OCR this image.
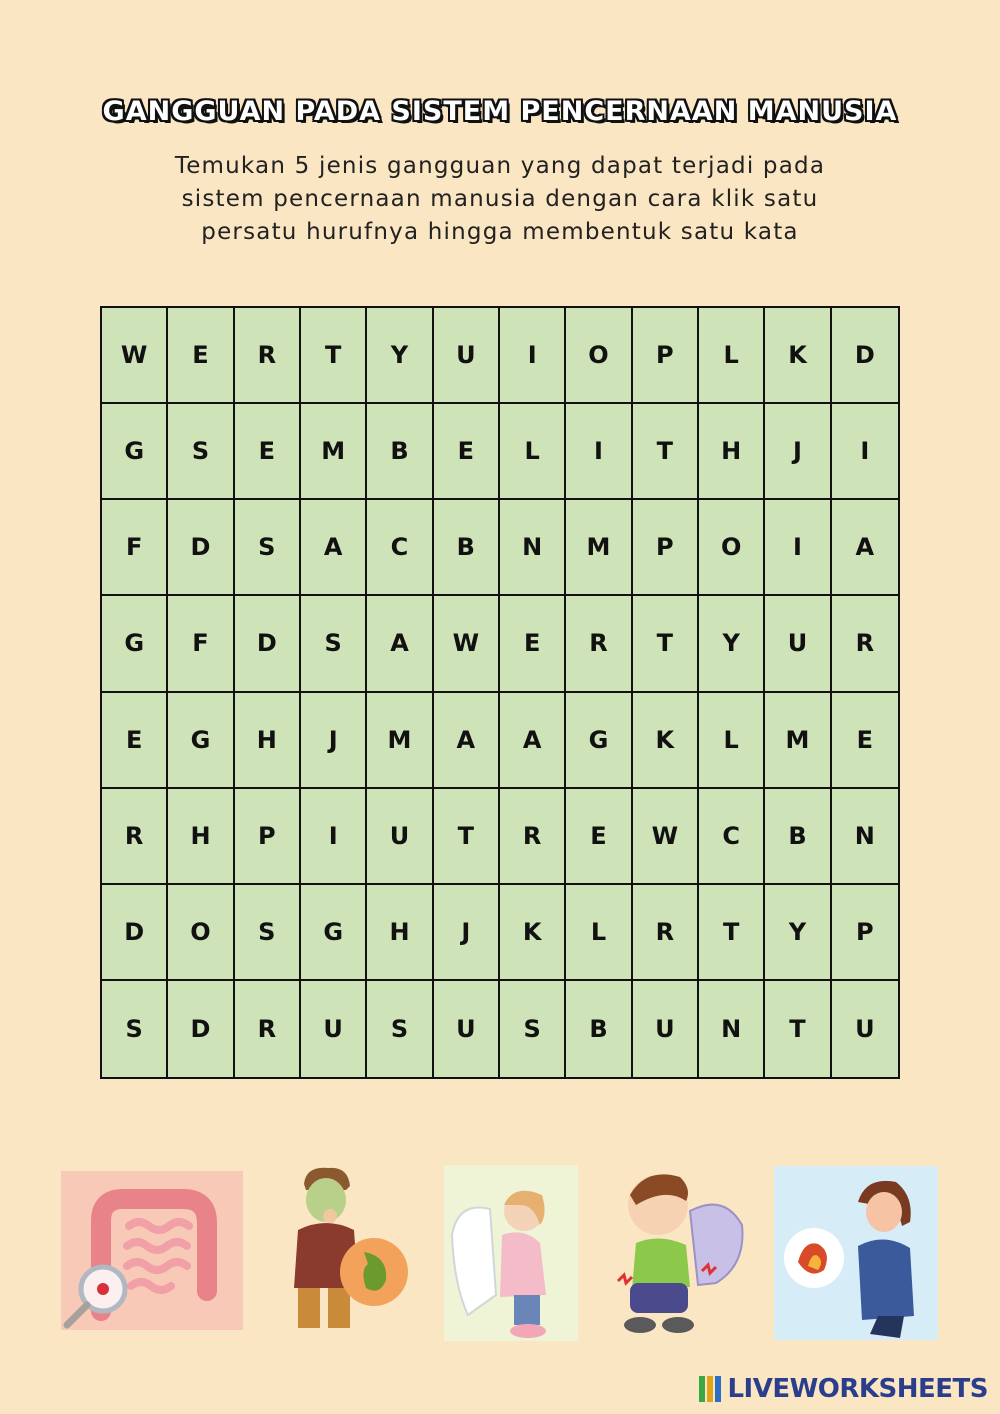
GANGGUAN PADA SISTEM PENCERNAAN MANUSIA
Temukan 5 jenis gangguan yang dapat terjadi pada
sistem pencernaan manusia dengan cara klik satu
persatu hurufnya hingga membentuk satu kata
W	E	R	T	Y	U	I	O	P	L	K	D
G	S	E	M	B	E	L	I	T	H	J	I
F	D	S	A	C	B	N	M	P	O	I	A
G	F	D	S	A	W	E	R	T	Y	U	R
E	G	H	J	M	A	A	G	K	L	M	E
R	H	P	I	U	T	R	E	W	C	B	N
D	O	S	G	H	J	K	L	R	T	Y	P
S	D	R	U	S	U	S	B	U	N	T	U
LIVEWORKSHEETS
